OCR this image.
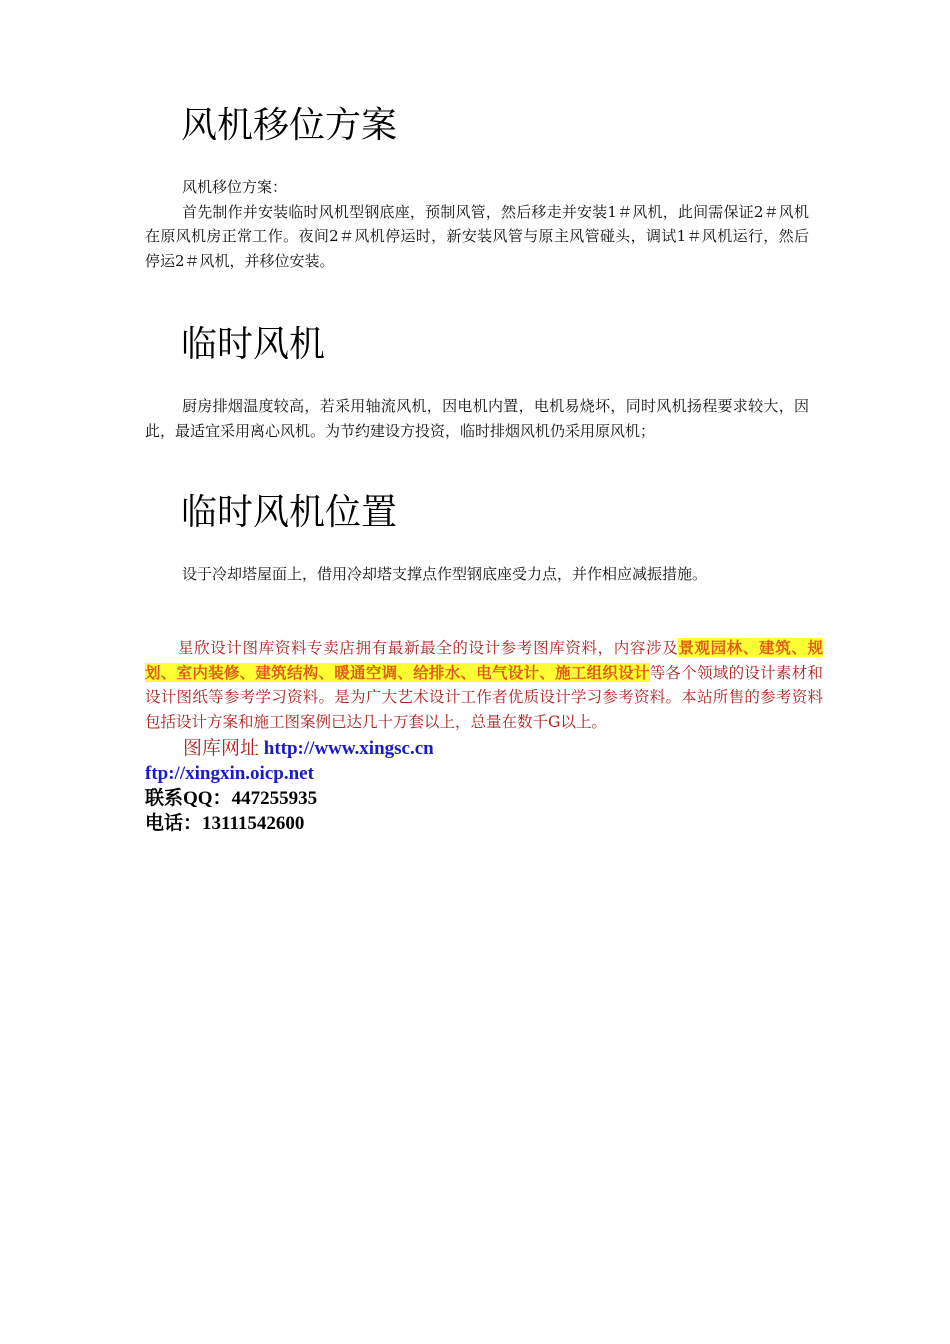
风机移位方案

风机移位方案：
首先制作并安装临时风机型钢底座，预制风管，然后移走并安装1＃风机，此间需保证2＃风机在原风机房正常工作。夜间2＃风机停运时，新安装风管与原主风管碰头，调试1＃风机运行，然后停运2＃风机，并移位安装。

临时风机

厨房排烟温度较高，若采用轴流风机，因电机内置，电机易烧坏，同时风机扬程要求较大，因此，最适宜采用离心风机。为节约建设方投资，临时排烟风机仍采用原风机；

临时风机位置

设于冷却塔屋面上，借用冷却塔支撑点作型钢底座受力点，并作相应减振措施。

星欣设计图库资料专卖店拥有最新最全的设计参考图库资料，内容涉及景观园林、建筑、规划、室内装修、建筑结构、暖通空调、给排水、电气设计、施工组织设计等各个领域的设计素材和设计图纸等参考学习资料。是为广大艺术设计工作者优质设计学习参考资料。本站所售的参考资料包括设计方案和施工图案例已达几十万套以上，总量在数千G以上。

图库网址 http://www.xingsc.cn

ftp://xingxin.oicp.net

联系QQ：447255935

电话：13111542600
